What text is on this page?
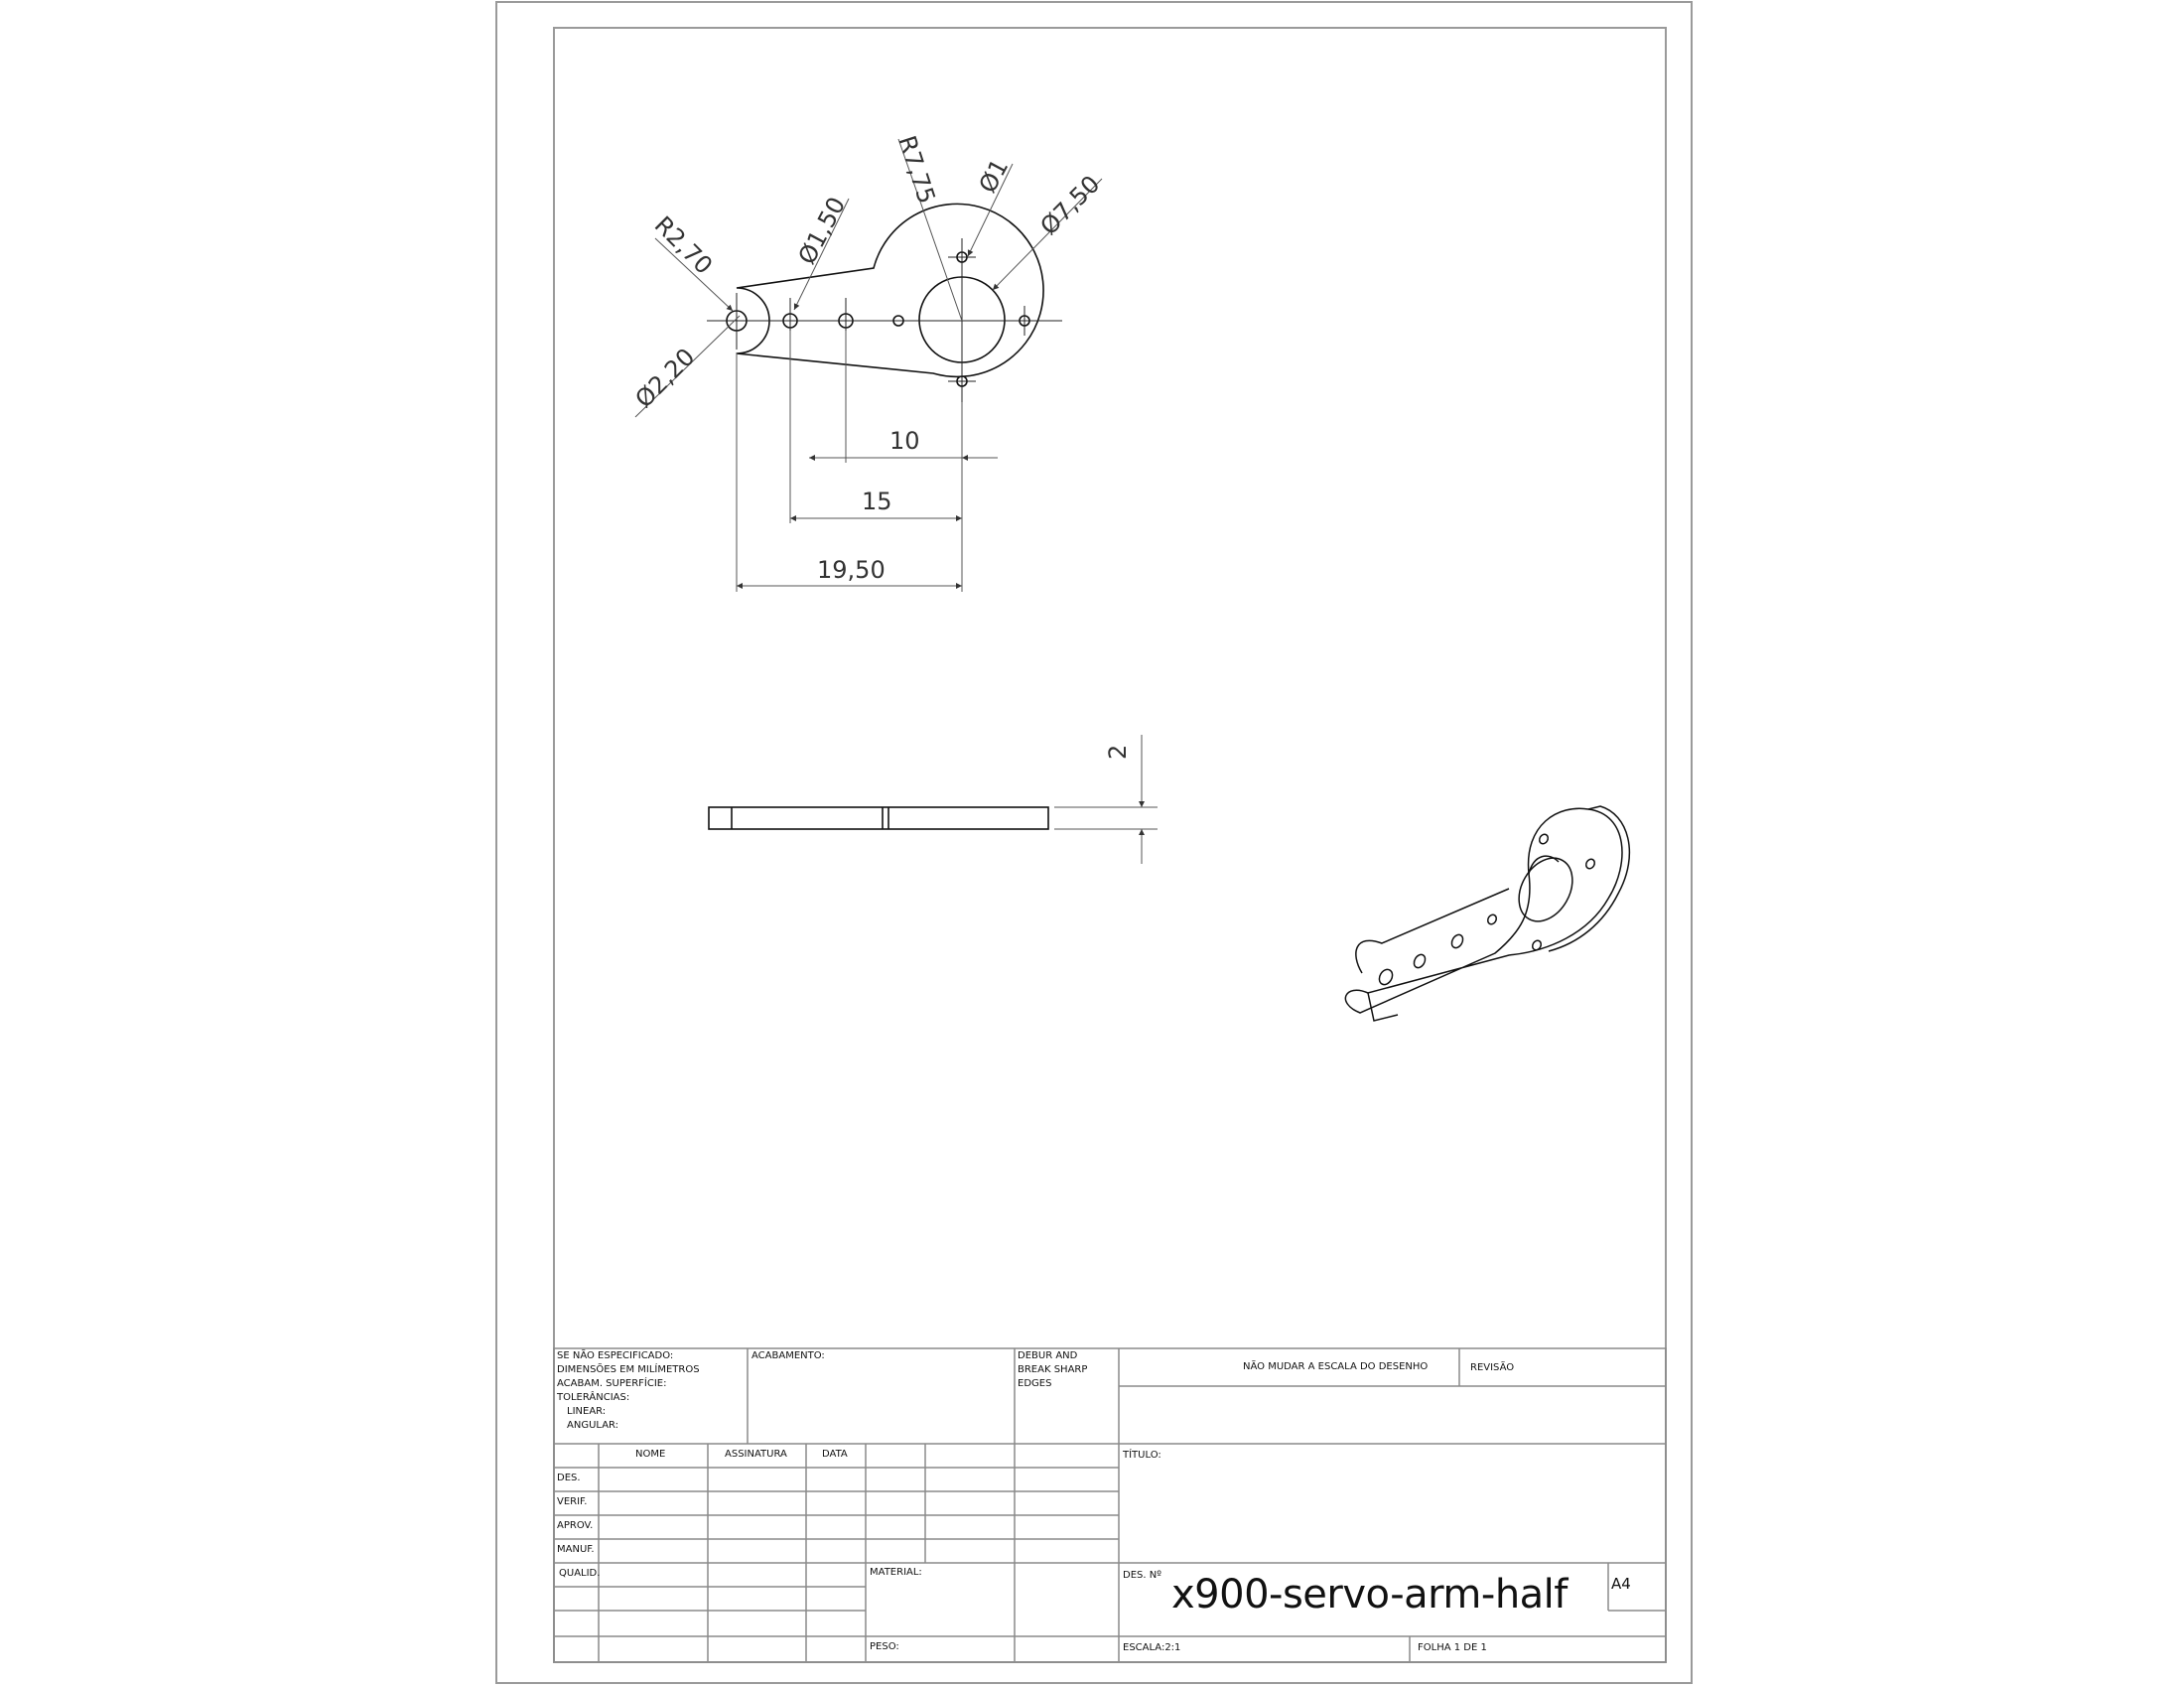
R2,70	Ø1,50
R7,75 Ø1 Ø7,50
Ø2,20
10
15
19,50
2
SE NÃO ESPECIFICADO:
DIMENSÕES EM MILÍMETROS
ACABAM. SUPERFÍCIE:
TOLERÂNCIAS:
LINEAR:
ANGULAR:
ACABAMENTO:	DEBUR AND
BREAK SHARP
EDGES
NÃO MUDAR A ESCALA DO DESENHO	REVISÃO
NOME	ASSINATURA	DATA
DES.
VERIF.
APROV.
MANUF.
QUALID.
TÍTULO:
MATERIAL:	DES. Nº x900-servo-arm-half	A4
PESO:	ESCALA:2:1	FOLHA 1 DE 1
